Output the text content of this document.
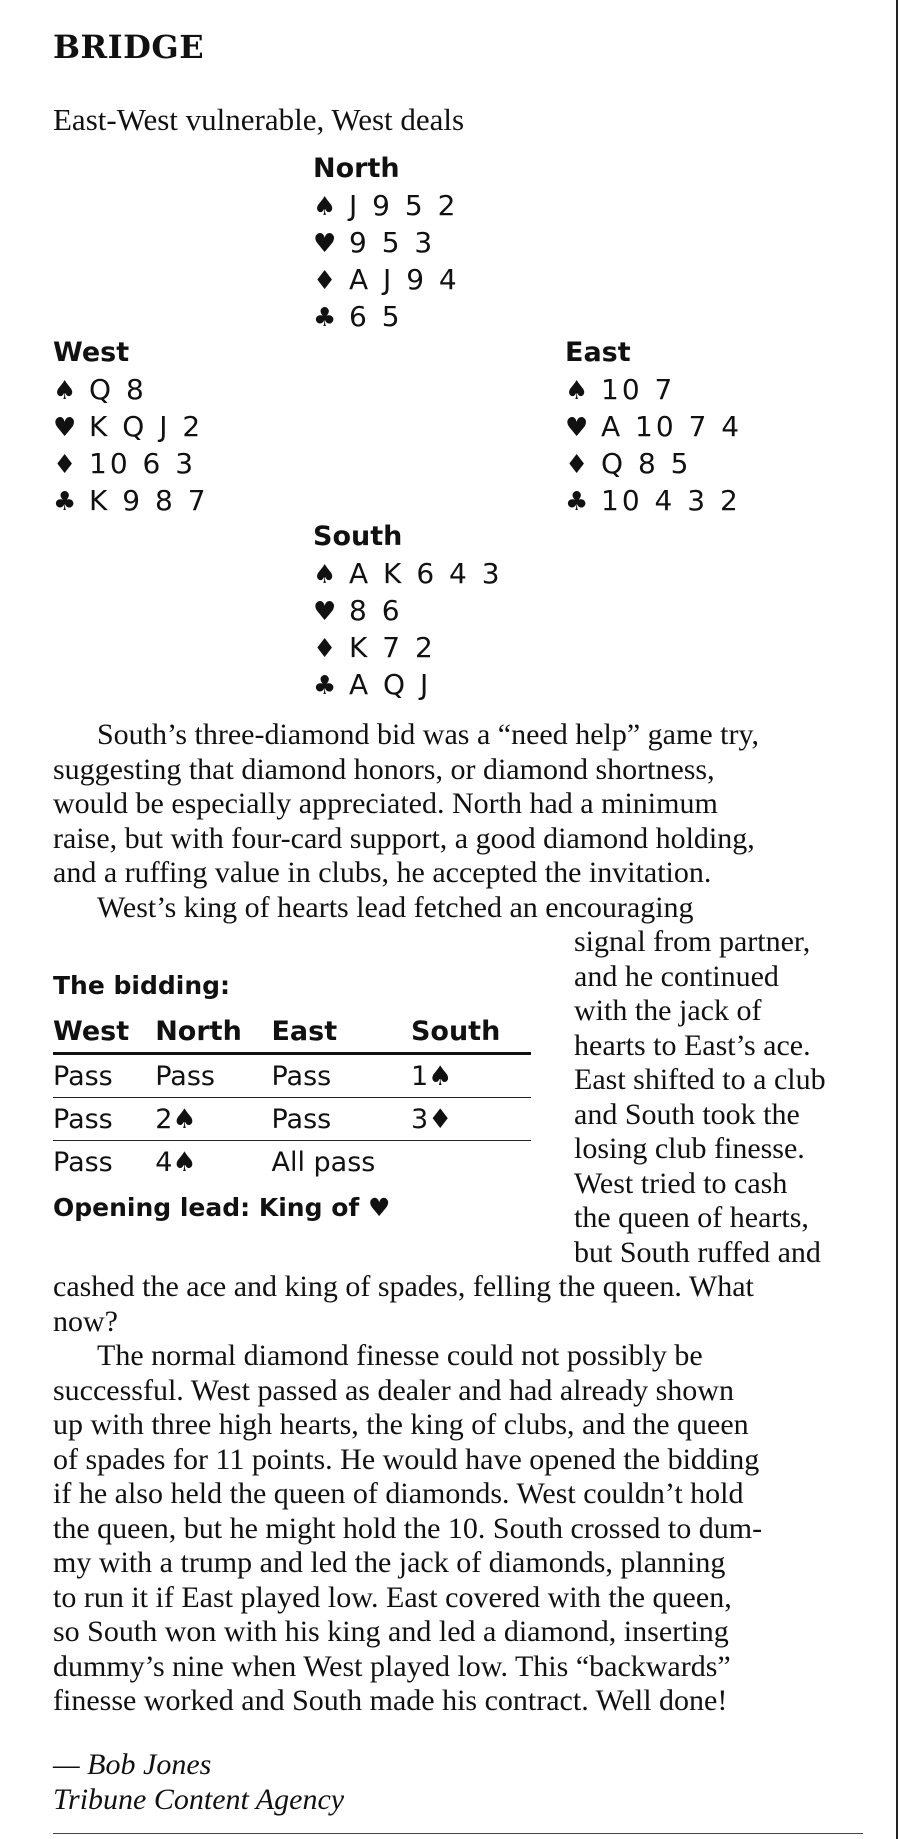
BRIDGE
East-West vulnerable, West deals
North
♠ J 9 5 2
♥ 9 5 3
♦ A J 9 4
♣ 6 5
West
♠ Q 8
♥ K Q J 2
♦ 10 6 3
♣ K 9 8 7
East
♠ 10 7
♥ A 10 7 4
♦ Q 8 5
♣ 10 4 3 2
South
♠ A K 6 4 3
♥ 8 6
♦ K 7 2
♣ A Q J
South’s three-diamond bid was a “need help” game try,
suggesting that diamond honors, or diamond shortness,
would be especially appreciated. North had a minimum
raise, but with four-card support, a good diamond holding,
and a ruffing value in clubs, he accepted the invitation.
West’s king of hearts lead fetched an encouraging
signal from partner,
and he continued
with the jack of
hearts to East’s ace.
East shifted to a club
and South took the
losing club finesse.
West tried to cash
the queen of hearts,
but South ruffed and
The bidding:
West	North	East	South
Pass	Pass	Pass	1♠
Pass	2♠	Pass	3♦
Pass	4♠	All pass	
Opening lead: King of ♥
cashed the ace and king of spades, felling the queen. What
now?
The normal diamond finesse could not possibly be
successful. West passed as dealer and had already shown
up with three high hearts, the king of clubs, and the queen
of spades for 11 points. He would have opened the bidding
if he also held the queen of diamonds. West couldn’t hold
the queen, but he might hold the 10. South crossed to dum-
my with a trump and led the jack of diamonds, planning
to run it if East played low. East covered with the queen,
so South won with his king and led a diamond, inserting
dummy’s nine when West played low. This “backwards”
finesse worked and South made his contract. Well done!
— Bob Jones
Tribune Content Agency
